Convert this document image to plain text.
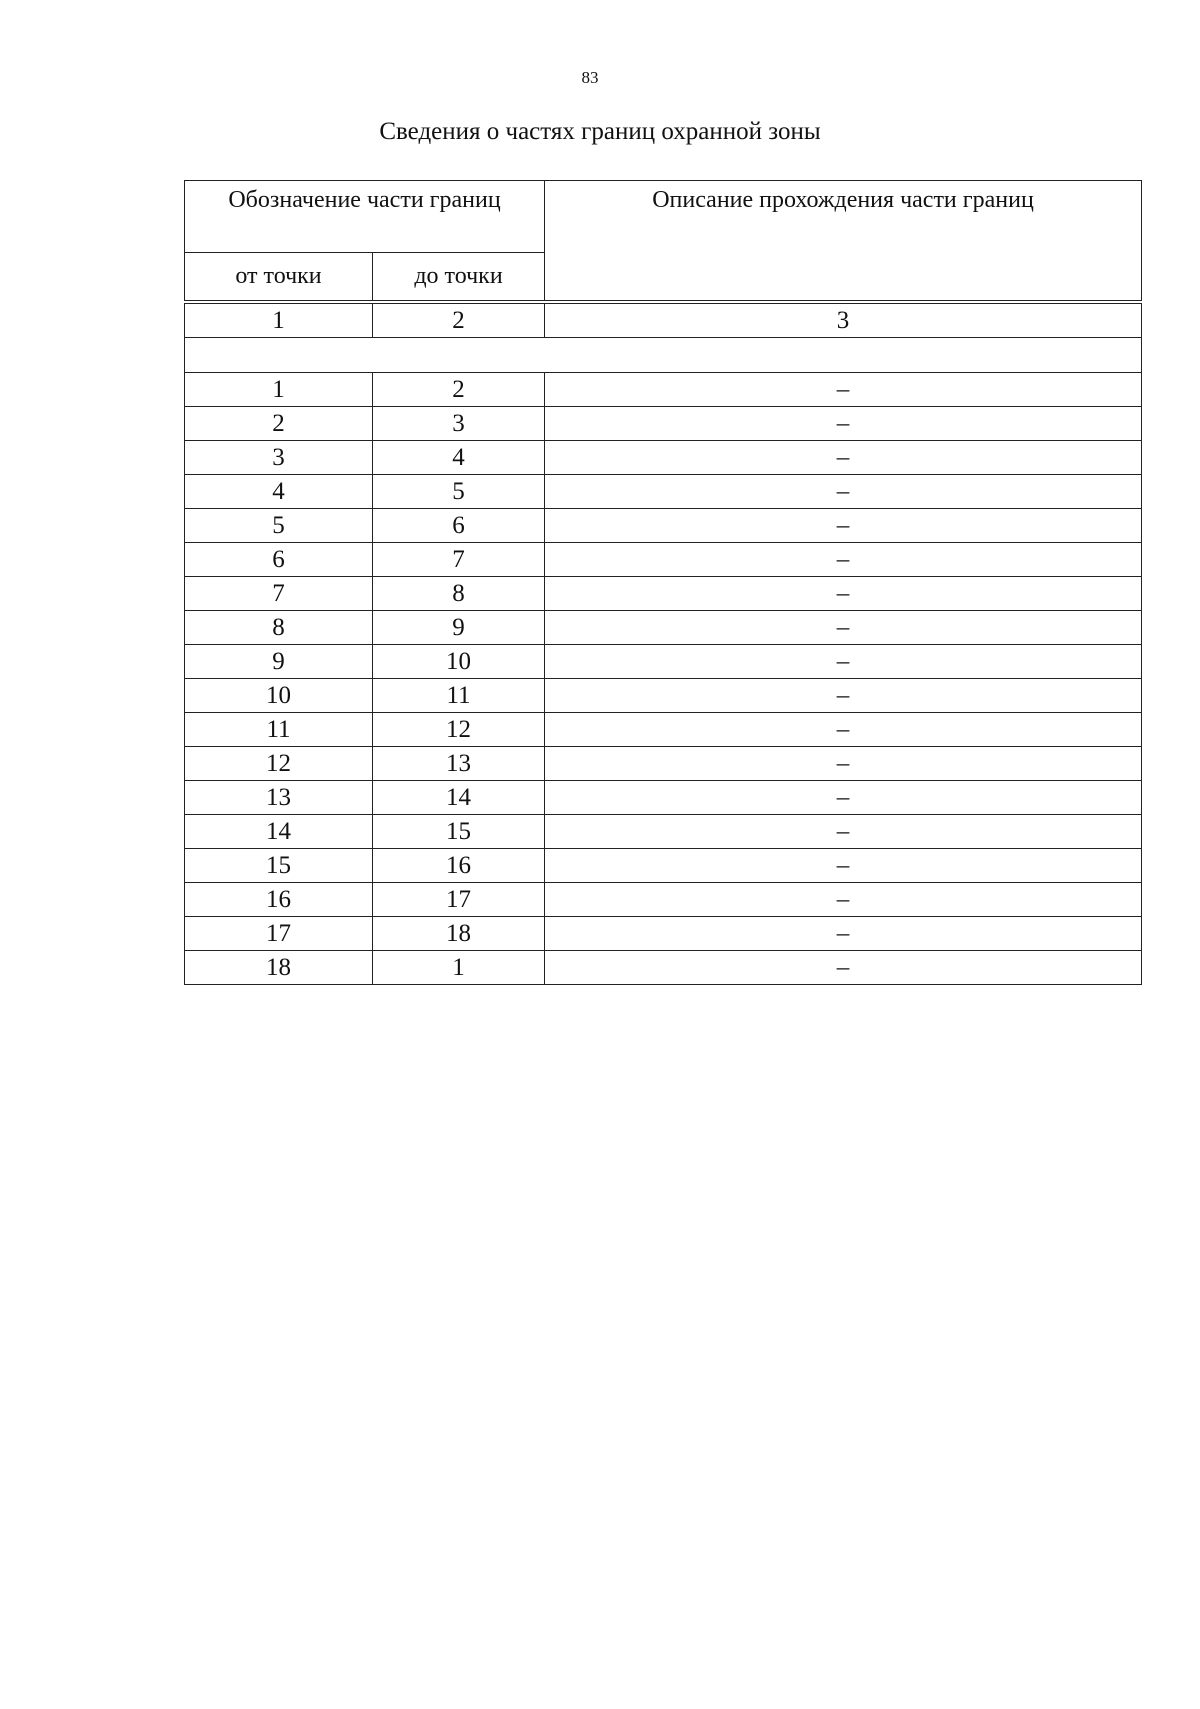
83
Сведения о частях границ охранной зоны
Обозначение части границ		Описание прохождения части границ
от точки	до точки	
1	2	3

1	2	–
2	3	–
3	4	–
4	5	–
5	6	–
6	7	–
7	8	–
8	9	–
9	10	–
10	11	–
11	12	–
12	13	–
13	14	–
14	15	–
15	16	–
16	17	–
17	18	–
18	1	–
